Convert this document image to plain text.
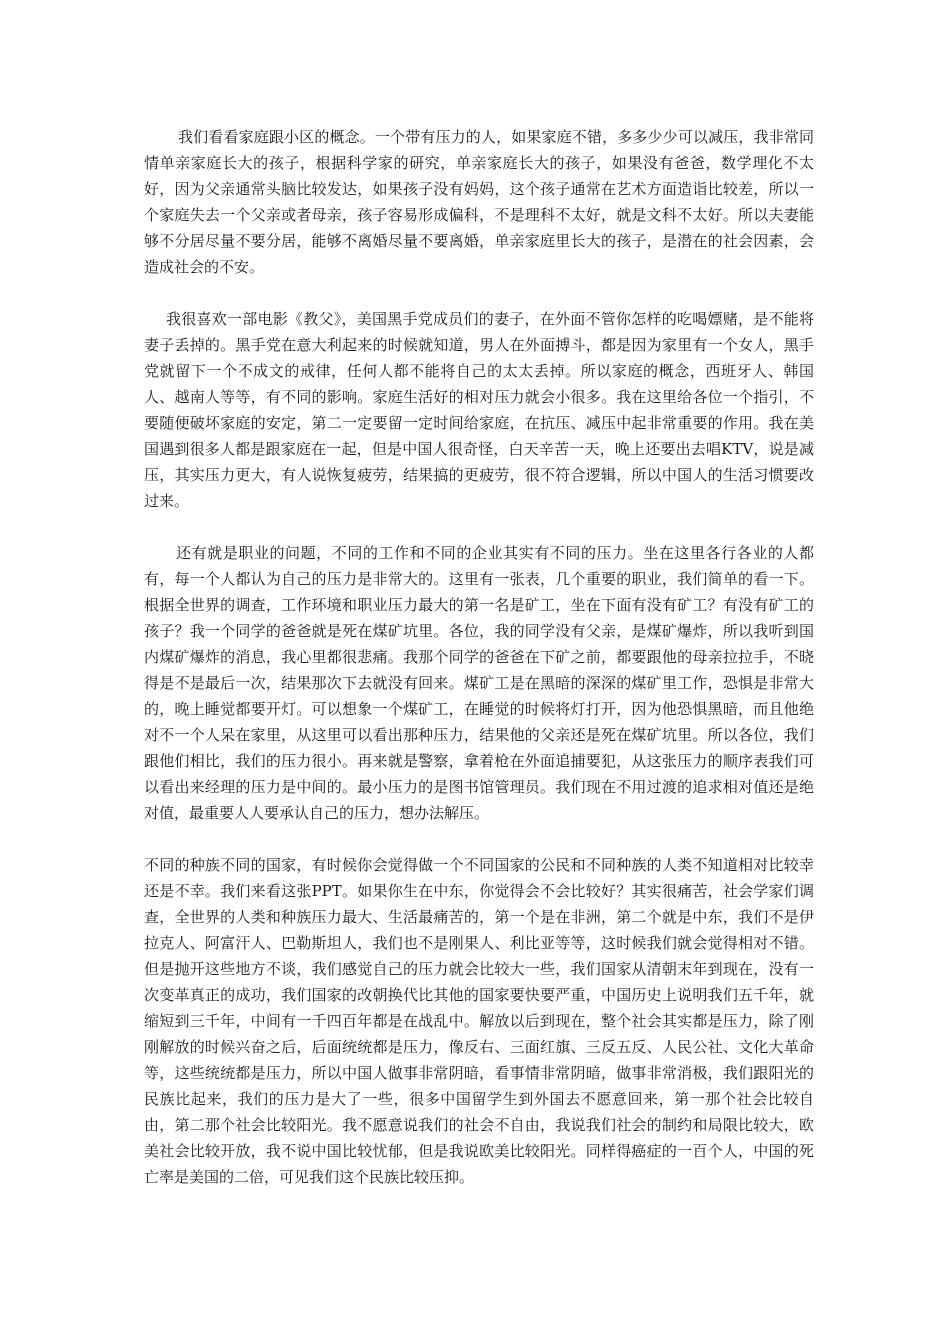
我们看看家庭跟小区的概念。一个带有压力的人，如果家庭不错，多多少少可以减压，我非常同情单亲家庭长大的孩子，根据科学家的研究，单亲家庭长大的孩子，如果没有爸爸，数学理化不太好，因为父亲通常头脑比较发达，如果孩子没有妈妈，这个孩子通常在艺术方面造诣比较差，所以一个家庭失去一个父亲或者母亲，孩子容易形成偏科，不是理科不太好，就是文科不太好。所以夫妻能够不分居尽量不要分居，能够不离婚尽量不要离婚，单亲家庭里长大的孩子，是潜在的社会因素，会造成社会的不安。

我很喜欢一部电影《教父》，美国黑手党成员们的妻子，在外面不管你怎样的吃喝嫖赌，是不能将妻子丢掉的。黑手党在意大利起来的时候就知道，男人在外面搏斗，都是因为家里有一个女人，黑手党就留下一个不成文的戒律，任何人都不能将自己的太太丢掉。所以家庭的概念，西班牙人、韩国人、越南人等等，有不同的影响。家庭生活好的相对压力就会小很多。我在这里给各位一个指引，不要随便破坏家庭的安定，第二一定要留一定时间给家庭，在抗压、减压中起非常重要的作用。我在美国遇到很多人都是跟家庭在一起，但是中国人很奇怪，白天辛苦一天，晚上还要出去唱KTV，说是减压，其实压力更大，有人说恢复疲劳，结果搞的更疲劳，很不符合逻辑，所以中国人的生活习惯要改过来。

还有就是职业的问题，不同的工作和不同的企业其实有不同的压力。坐在这里各行各业的人都有，每一个人都认为自己的压力是非常大的。这里有一张表，几个重要的职业，我们简单的看一下。根据全世界的调查，工作环境和职业压力最大的第一名是矿工，坐在下面有没有矿工？有没有矿工的孩子？我一个同学的爸爸就是死在煤矿坑里。各位，我的同学没有父亲，是煤矿爆炸，所以我听到国内煤矿爆炸的消息，我心里都很悲痛。我那个同学的爸爸在下矿之前，都要跟他的母亲拉拉手，不晓得是不是最后一次，结果那次下去就没有回来。煤矿工是在黑暗的深深的煤矿里工作，恐惧是非常大的，晚上睡觉都要开灯。可以想象一个煤矿工，在睡觉的时候将灯打开，因为他恐惧黑暗，而且他绝对不一个人呆在家里，从这里可以看出那种压力，结果他的父亲还是死在煤矿坑里。所以各位，我们跟他们相比，我们的压力很小。再来就是警察，拿着枪在外面追捕要犯，从这张压力的顺序表我们可以看出来经理的压力是中间的。最小压力的是图书馆管理员。我们现在不用过渡的追求相对值还是绝对值，最重要人人要承认自己的压力，想办法解压。

不同的种族不同的国家，有时候你会觉得做一个不同国家的公民和不同种族的人类不知道相对比较幸还是不幸。我们来看这张PPT。如果你生在中东，你觉得会不会比较好？其实很痛苦，社会学家们调查，全世界的人类和种族压力最大、生活最痛苦的，第一个是在非洲，第二个就是中东，我们不是伊拉克人、阿富汗人、巴勒斯坦人，我们也不是刚果人、利比亚等等，这时候我们就会觉得相对不错。但是抛开这些地方不谈，我们感觉自己的压力就会比较大一些，我们国家从清朝末年到现在，没有一次变革真正的成功，我们国家的改朝换代比其他的国家要快要严重，中国历史上说明我们五千年，就缩短到三千年，中间有一千四百年都是在战乱中。解放以后到现在，整个社会其实都是压力，除了刚刚解放的时候兴奋之后，后面统统都是压力，像反右、三面红旗、三反五反、人民公社、文化大革命等，这些统统都是压力，所以中国人做事非常阴暗，看事情非常阴暗，做事非常消极，我们跟阳光的民族比起来，我们的压力是大了一些，很多中国留学生到外国去不愿意回来，第一那个社会比较自由，第二那个社会比较阳光。我不愿意说我们的社会不自由，我说我们社会的制约和局限比较大，欧美社会比较开放，我不说中国比较忧郁，但是我说欧美比较阳光。同样得癌症的一百个人，中国的死亡率是美国的二倍，可见我们这个民族比较压抑。
